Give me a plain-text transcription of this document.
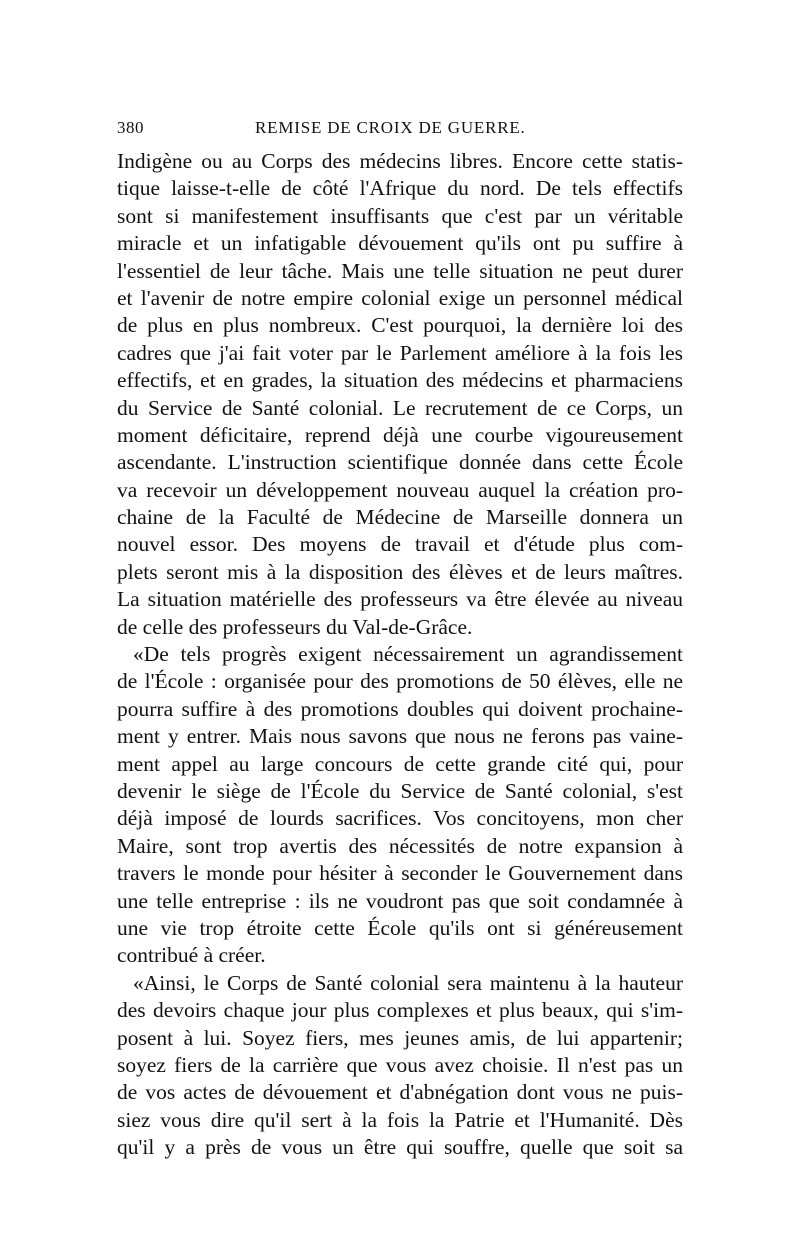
380	REMISE DE CROIX DE GUERRE.
Indigène ou au Corps des médecins libres. Encore cette statis-
tique laisse-t-elle de côté l'Afrique du nord. De tels effectifs
sont si manifestement insuffisants que c'est par un véritable
miracle et un infatigable dévouement qu'ils ont pu suffire à
l'essentiel de leur tâche. Mais une telle situation ne peut durer
et l'avenir de notre empire colonial exige un personnel médical
de plus en plus nombreux. C'est pourquoi, la dernière loi des
cadres que j'ai fait voter par le Parlement améliore à la fois les
effectifs, et en grades, la situation des médecins et pharmaciens
du Service de Santé colonial. Le recrutement de ce Corps, un
moment déficitaire, reprend déjà une courbe vigoureusement
ascendante. L'instruction scientifique donnée dans cette École
va recevoir un développement nouveau auquel la création pro-
chaine de la Faculté de Médecine de Marseille donnera un
nouvel essor. Des moyens de travail et d'étude plus com-
plets seront mis à la disposition des élèves et de leurs maîtres.
La situation matérielle des professeurs va être élevée au niveau
de celle des professeurs du Val-de-Grâce.
«De tels progrès exigent nécessairement un agrandissement
de l'École : organisée pour des promotions de 50 élèves, elle ne
pourra suffire à des promotions doubles qui doivent prochaine-
ment y entrer. Mais nous savons que nous ne ferons pas vaine-
ment appel au large concours de cette grande cité qui, pour
devenir le siège de l'École du Service de Santé colonial, s'est
déjà imposé de lourds sacrifices. Vos concitoyens, mon cher
Maire, sont trop avertis des nécessités de notre expansion à
travers le monde pour hésiter à seconder le Gouvernement dans
une telle entreprise : ils ne voudront pas que soit condamnée à
une vie trop étroite cette École qu'ils ont si généreusement
contribué à créer.
«Ainsi, le Corps de Santé colonial sera maintenu à la hauteur
des devoirs chaque jour plus complexes et plus beaux, qui s'im-
posent à lui. Soyez fiers, mes jeunes amis, de lui appartenir;
soyez fiers de la carrière que vous avez choisie. Il n'est pas un
de vos actes de dévouement et d'abnégation dont vous ne puis-
siez vous dire qu'il sert à la fois la Patrie et l'Humanité. Dès
qu'il y a près de vous un être qui souffre, quelle que soit sa
